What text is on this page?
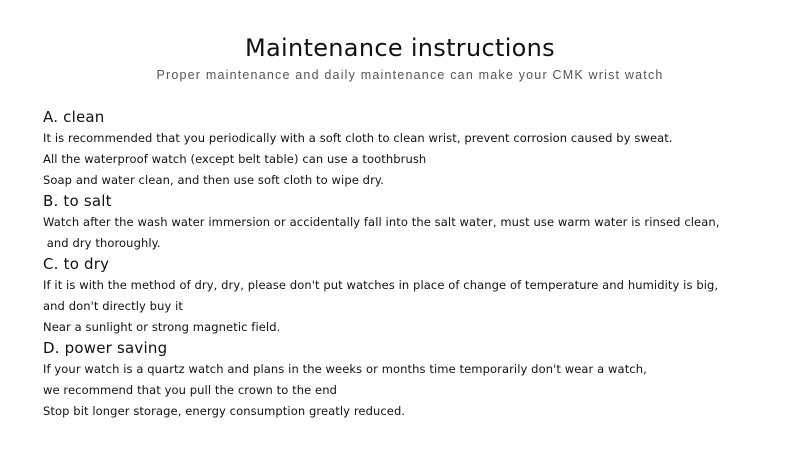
Maintenance instructions
Proper maintenance and daily maintenance can make your CMK wrist watch
A. clean
It is recommended that you periodically with a soft cloth to clean wrist, prevent corrosion caused by sweat.
All the waterproof watch (except belt table) can use a toothbrush
Soap and water clean, and then use soft cloth to wipe dry.
B. to salt
Watch after the wash water immersion or accidentally fall into the salt water, must use warm water is rinsed clean,
and dry thoroughly.
C. to dry
If it is with the method of dry, dry, please don't put watches in place of change of temperature and humidity is big,
and don't directly buy it
Near a sunlight or strong magnetic field.
D. power saving
If your watch is a quartz watch and plans in the weeks or months time temporarily don't wear a watch,
we recommend that you pull the crown to the end
Stop bit longer storage, energy consumption greatly reduced.
